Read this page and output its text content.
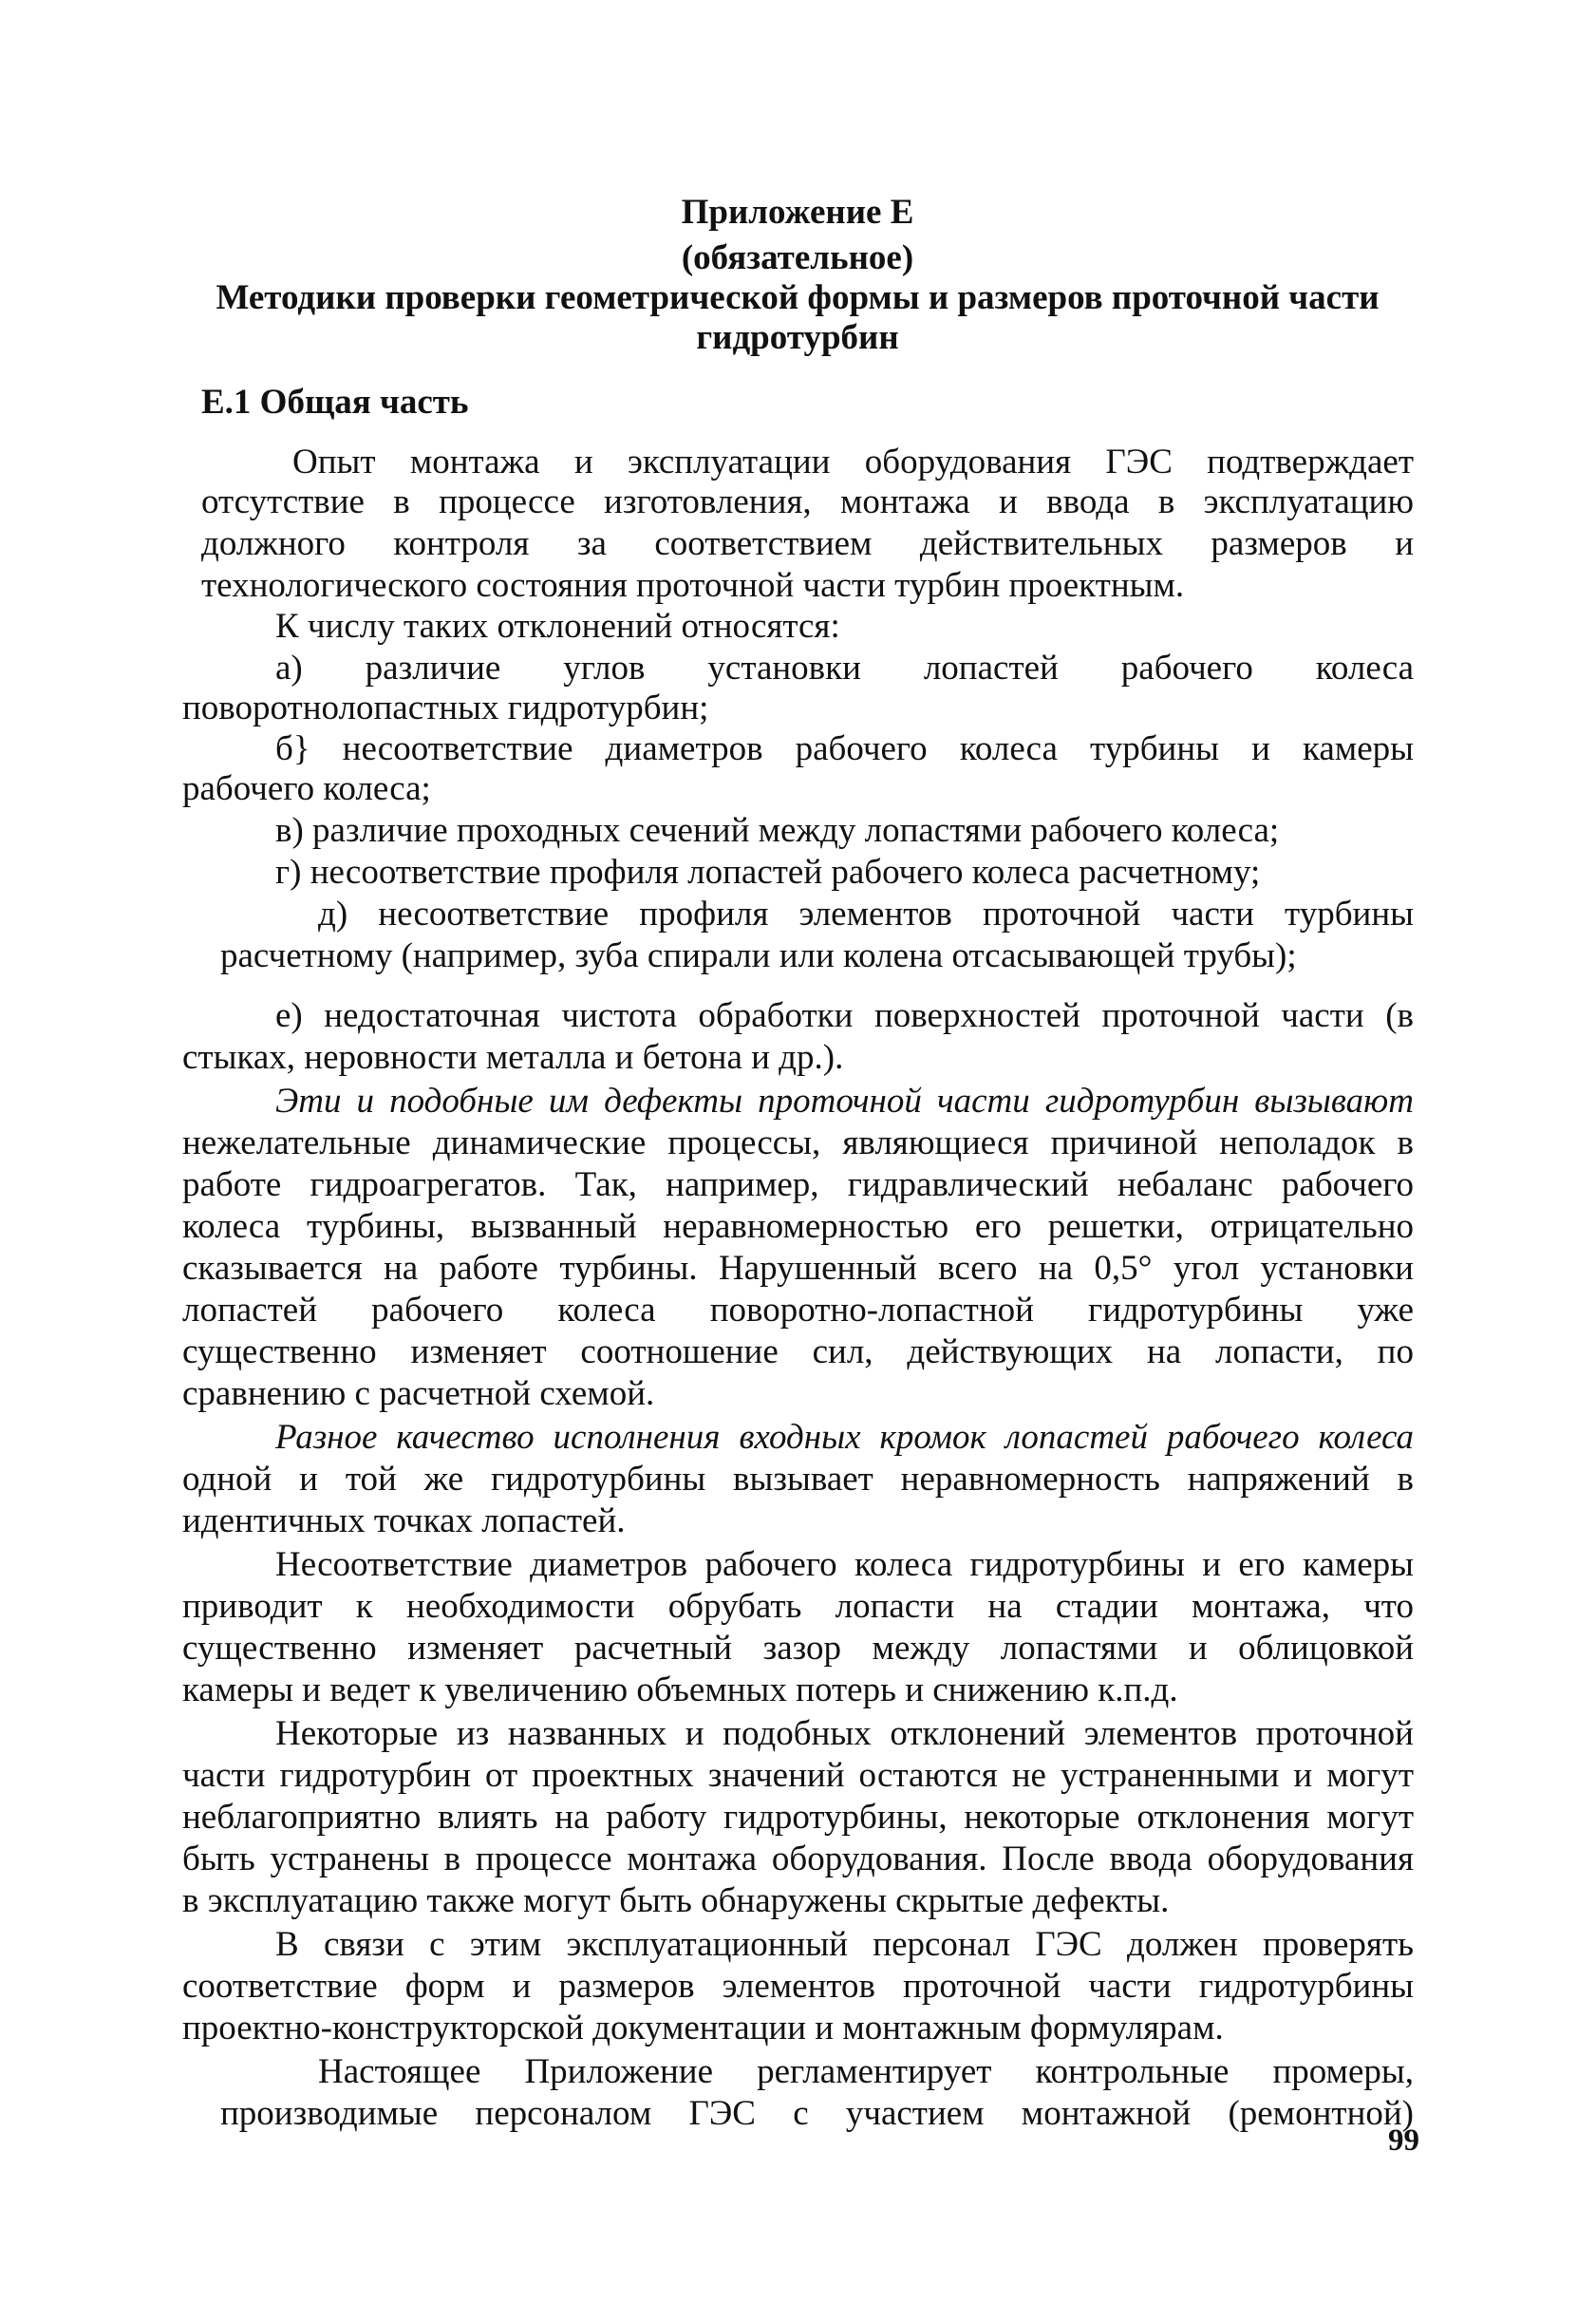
Приложение Е
(обязательное)
Методики проверки геометрической формы и размеров проточной части
гидротурбин
Е.1 Общая часть
Опыт монтажа и эксплуатации оборудования ГЭС подтверждает
отсутствие в процессе изготовления, монтажа и ввода в эксплуатацию
должного контроля за соответствием действительных размеров и
технологического состояния проточной части турбин проектным.
К числу таких отклонений относятся:
а) различие углов установки лопастей рабочего колеса
поворотнолопастных гидротурбин;
б} несоответствие диаметров рабочего колеса турбины и камеры
рабочего колеса;
в) различие проходных сечений между лопастями рабочего колеса;
г) несоответствие профиля лопастей рабочего колеса расчетному;
д) несоответствие профиля элементов проточной части турбины
расчетному (например, зуба спирали или колена отсасывающей трубы);
е) недостаточная чистота обработки поверхностей проточной части (в
стыках, неровности металла и бетона и др.).
Эти и подобные им дефекты проточной части гидротурбин вызывают
нежелательные динамические процессы, являющиеся причиной неполадок в
работе гидроагрегатов. Так, например, гидравлический небаланс рабочего
колеса турбины, вызванный неравномерностью его решетки, отрицательно
сказывается на работе турбины. Нарушенный всего на 0,5° угол установки
лопастей рабочего колеса поворотно-лопастной гидротурбины уже
существенно изменяет соотношение сил, действующих на лопасти, по
сравнению с расчетной схемой.
Разное качество исполнения входных кромок лопастей рабочего колеса
одной и той же гидротурбины вызывает неравномерность напряжений в
идентичных точках лопастей.
Несоответствие диаметров рабочего колеса гидротурбины и его камеры
приводит к необходимости обрубать лопасти на стадии монтажа, что
существенно изменяет расчетный зазор между лопастями и облицовкой
камеры и ведет к увеличению объемных потерь и снижению к.п.д.
Некоторые из названных и подобных отклонений элементов проточной
части гидротурбин от проектных значений остаются не устраненными и могут
неблагоприятно влиять на работу гидротурбины, некоторые отклонения могут
быть устранены в процессе монтажа оборудования. После ввода оборудования
в эксплуатацию также могут быть обнаружены скрытые дефекты.
В связи с этим эксплуатационный персонал ГЭС должен проверять
соответствие форм и размеров элементов проточной части гидротурбины
проектно-конструкторской документации и монтажным формулярам.
Настоящее Приложение регламентирует контрольные промеры,
производимые персоналом ГЭС с участием монтажной (ремонтной)
99
